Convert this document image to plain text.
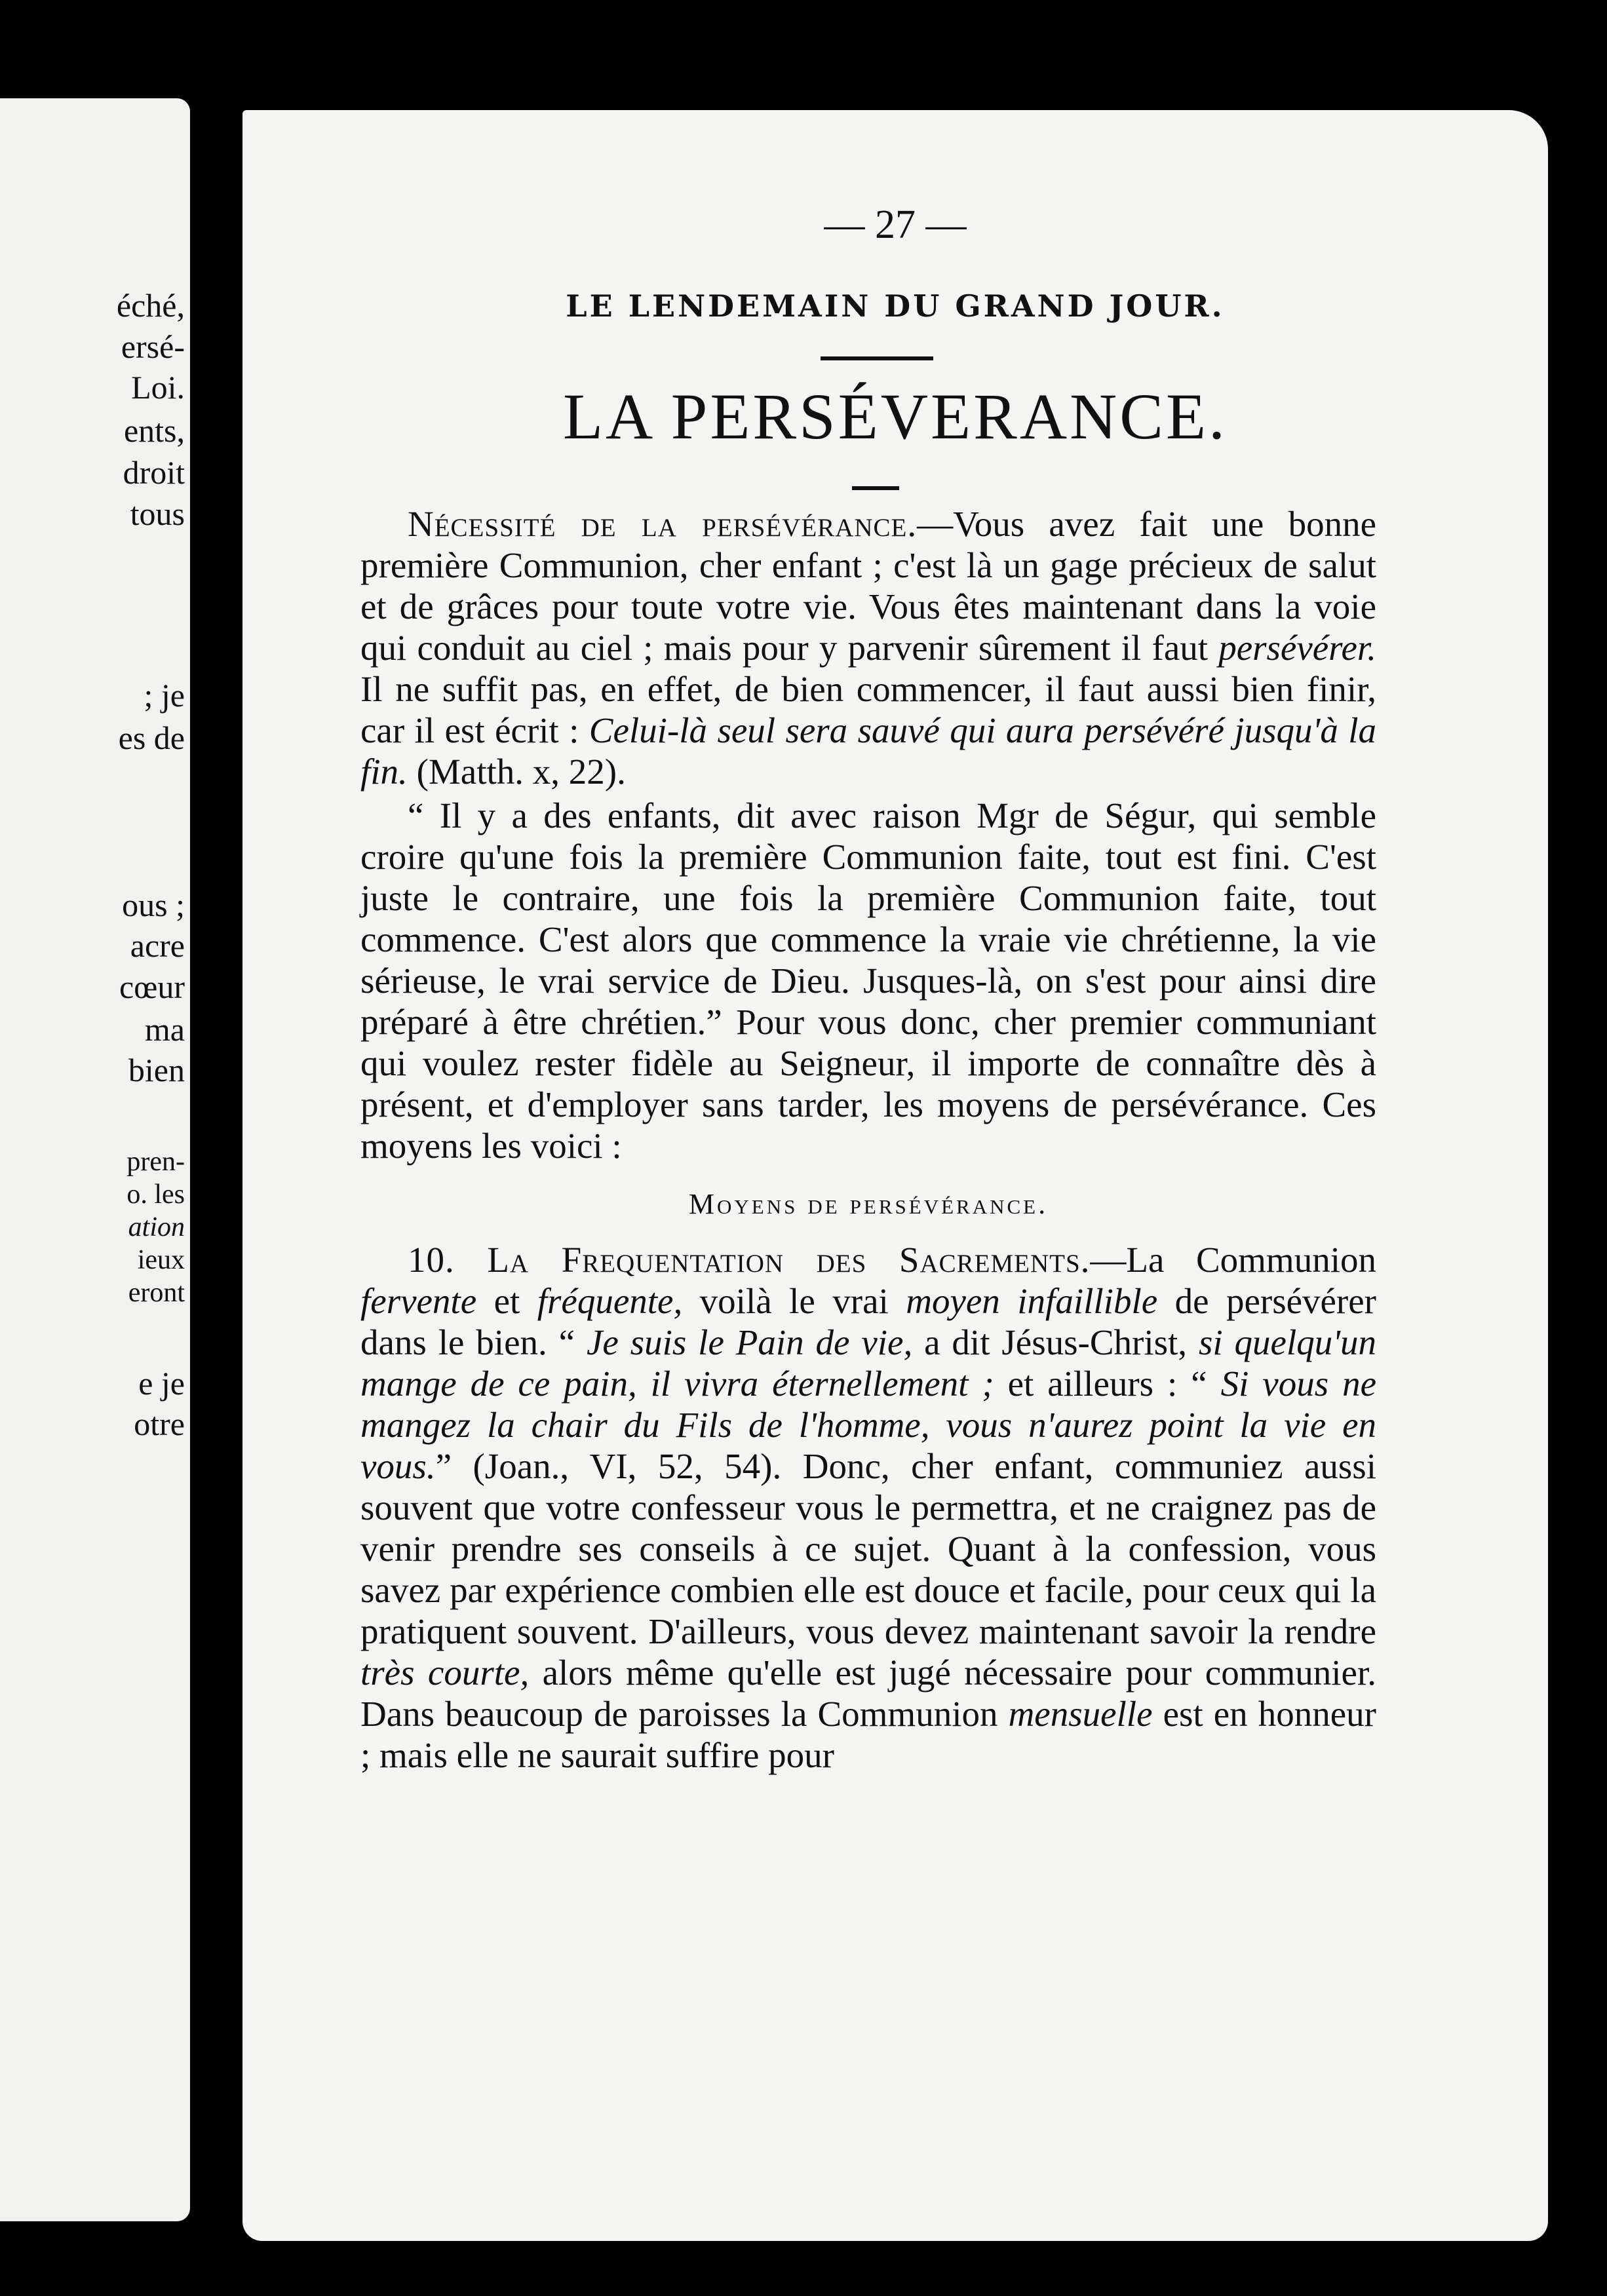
éché,
ersé-
Loi.
ents,
droit
tous
; je
es de
ous ;
acre
cœur
ma
bien
pren-
o. les
ation
ieux
eront
e je
otre
— 27 —
LE LENDEMAIN DU GRAND JOUR.
LA PERSÉVERANCE.

Nécessité de la persévérance.—Vous avez fait une bonne première Communion, cher enfant ; c'est là un gage précieux de salut et de grâces pour toute votre vie. Vous êtes maintenant dans la voie qui conduit au ciel ; mais pour y parvenir sûrement il faut persévérer. Il ne suffit pas, en effet, de bien commencer, il faut aussi bien finir, car il est écrit : Celui-là seul sera sauvé qui aura persévéré jusqu'à la fin. (Matth. x, 22).

“ Il y a des enfants, dit avec raison Mgr de Ségur, qui semble croire qu'une fois la première Communion faite, tout est fini. C'est juste le contraire, une fois la première Communion faite, tout commence. C'est alors que commence la vraie vie chrétienne, la vie sérieuse, le vrai service de Dieu. Jusques-là, on s'est pour ainsi dire préparé à être chrétien.” Pour vous donc, cher premier communiant qui voulez rester fidèle au Seigneur, il importe de connaître dès à présent, et d'employer sans tarder, les moyens de persévérance. Ces moyens les voici :

Moyens de persévérance.

10. La Frequentation des Sacrements.—La Communion fervente et fréquente, voilà le vrai moyen infaillible de persévérer dans le bien. “ Je suis le Pain de vie, a dit Jésus-Christ, si quelqu'un mange de ce pain, il vivra éternellement ; et ailleurs : “ Si vous ne mangez la chair du Fils de l'homme, vous n'aurez point la vie en vous.” (Joan., VI, 52, 54). Donc, cher enfant, communiez aussi souvent que votre confesseur vous le permettra, et ne craignez pas de venir prendre ses conseils à ce sujet. Quant à la confession, vous savez par expérience combien elle est douce et facile, pour ceux qui la pratiquent souvent. D'ailleurs, vous devez maintenant savoir la rendre très courte, alors même qu'elle est jugé nécessaire pour communier. Dans beaucoup de paroisses la Communion mensuelle est en honneur ; mais elle ne saurait suffire pour
